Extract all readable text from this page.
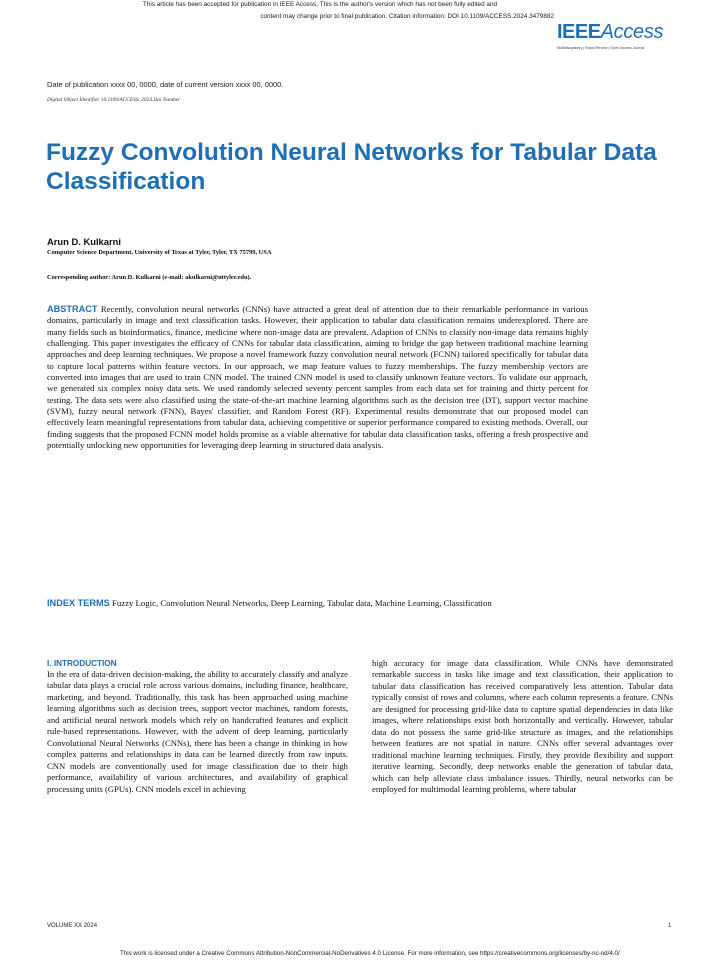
This article has been accepted for publication in IEEE Access. This is the author's version which has not been fully edited and
content may change prior to final publication. Citation information: DOI 10.1109/ACCESS.2024.3479882
IEEEAccess
Multidisciplinary | Rapid Review | Open Access Journal
Date of publication xxxx 00, 0000, date of current version xxxx 00, 0000.
Digital Object Identifier 10.1109/ACCESS. 2024.Doi Number
Fuzzy Convolution Neural Networks for Tabular Data Classification
Arun D. Kulkarni
Computer Science Department, University of Texas at Tyler, Tyler, TX 75799, USA
Corresponding author: Arun D. Kulkarni (e-mail: akulkarni@uttyler.edu).
ABSTRACT Recently, convolution neural networks (CNNs) have attracted a great deal of attention due to their remarkable performance in various domains, particularly in image and text classification tasks. However, their application to tabular data classification remains underexplored. There are many fields such as bioinformatics, finance, medicine where non-image data are prevalent. Adaption of CNNs to classify non-image data remains highly challenging. This paper investigates the efficacy of CNNs for tabular data classification, aiming to bridge the gap between traditional machine learning approaches and deep learning techniques. We propose a novel framework fuzzy convolution neural network (FCNN) tailored specifically for tabular data to capture local patterns within feature vectors. In our approach, we map feature values to fuzzy memberships. The fuzzy membership vectors are converted into images that are used to train CNN model. The trained CNN model is used to classify unknown feature vectors. To validate our approach, we generated six complex noisy data sets. We used randomly selected seventy percent samples from each data set for training and thirty percent for testing. The data sets were also classified using the state-of-the-art machine learning algorithms such as the decision tree (DT), support vector machine (SVM), fuzzy neural network (FNN), Bayes' classifier, and Random Forest (RF). Experimental results demonstrate that our proposed model can effectively learn meaningful representations from tabular data, achieving competitive or superior performance compared to existing methods. Overall, our finding suggests that the proposed FCNN model holds promise as a viable alternative for tabular data classification tasks, offering a fresh prospective and potentially unlocking new opportunities for leveraging deep learning in structured data analysis.
INDEX TERMS Fuzzy Logic, Convolution Neural Networks, Deep Learning, Tabular data, Machine Learning, Classification
I. INTRODUCTION
In the era of data-driven decision-making, the ability to accurately classify and analyze tabular data plays a crucial role across various domains, including finance, healthcare, marketing, and beyond. Traditionally, this task has been approached using machine learning algorithms such as decision trees, support vector machines, random forests, and artificial neural network models which rely on handcrafted features and explicit rule-based representations. However, with the advent of deep learning, particularly Convolutional Neural Networks (CNNs), there has been a change in thinking in how complex patterns and relationships in data can be learned directly from raw inputs. CNN models are conventionally used for image classification due to their high performance, availability of various architectures, and availability of graphical processing units (GPUs). CNN models excel in achieving
high accuracy for image data classification. While CNNs have demonstrated remarkable success in tasks like image and text classification, their application to tabular data classification has received comparatively less attention. Tabular data typically consist of rows and columns, where each column represents a feature. CNNs are designed for processing grid-like data to capture spatial dependencies in data like images, where relationships exist both horizontally and vertically. However, tabular data do not possess the same grid-like structure as images, and the relationships between features are not spatial in nature. CNNs offer several advantages over traditional machine learning techniques. Firstly, they provide flexibility and support iterative learning. Secondly, deep networks enable the generation of tabular data, which can help alleviate class imbalance issues. Thirdly, neural networks can be employed for multimodal learning problems, where tabular
VOLUME XX 2024	1
This work is licensed under a Creative Commons Attribution-NonCommercial-NoDerivatives 4.0 License. For more information, see https://creativecommons.org/licenses/by-nc-nd/4.0/
